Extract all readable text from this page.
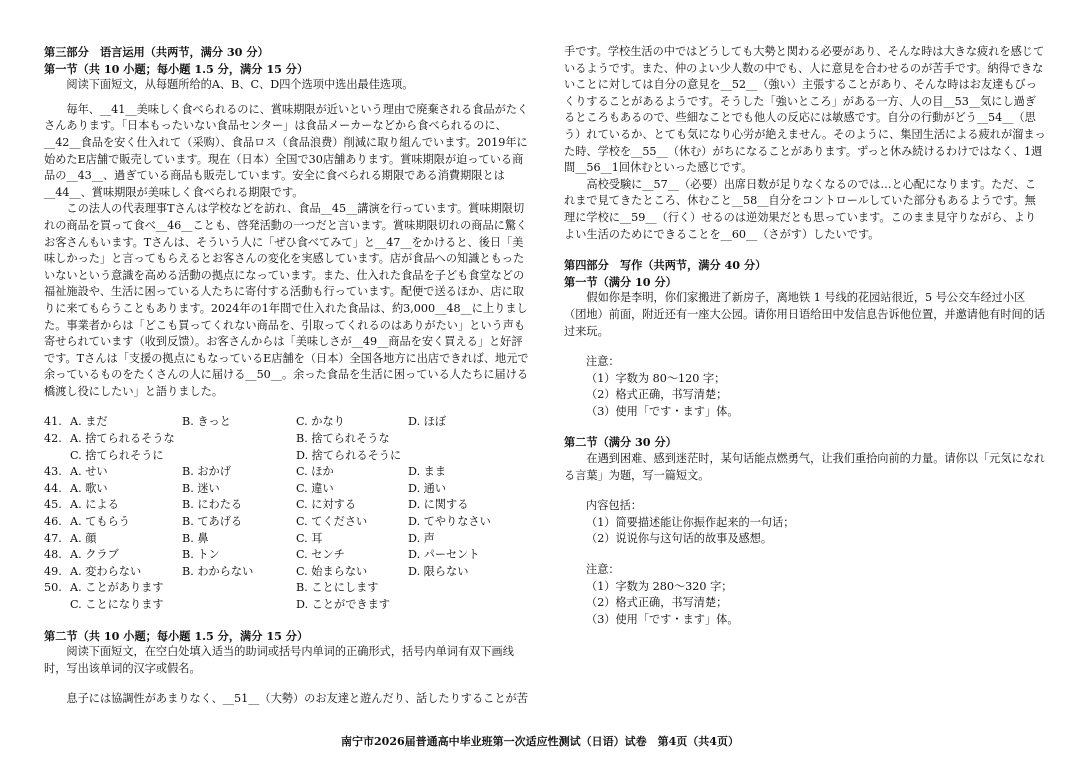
第三部分　语言运用（共两节，满分 30 分）
第一节（共 10 小题；每小题 1.5 分，满分 15 分）
阅读下面短文，从每题所给的A、B、C、D四个选项中选出最佳选项。
毎年、__41__美味しく食べられるのに、賞味期限が近いという理由で廃棄される食品がたくさんあります。「日本もったいない食品センター」は食品メーカーなどから食べられるのに、__42__食品を安く仕入れて（采购）、食品ロス（食品浪费）削減に取り組んでいます。2019年に始めたE店舗で販売しています。現在（日本）全国で30店舗あります。賞味期限が迫っている商品の__43__、過ぎている商品も販売しています。安全に食べられる期限である消費期限とは__44__、賞味期限が美味しく食べられる期限です。
この法人の代表理事Tさんは学校などを訪れ、食品__45__講演を行っています。賞味期限切れの商品を買って食べ__46__ことも、啓発活動の一つだと言います。賞味期限切れの商品に驚くお客さんもいます。Tさんは、そういう人に「ぜひ食べてみて」と__47__をかけると、後日「美味しかった」と言ってもらえるとお客さんの変化を実感しています。店が食品への知識ともったいないという意識を高める活動の拠点になっています。また、仕入れた食品を子ども食堂などの福祉施設や、生活に困っている人たちに寄付する活動も行っています。配便で送るほか、店に取りに来てもらうこともあります。2024年の1年間で仕入れた食品は、約3,000__48__に上りました。事業者からは「どこも買ってくれない商品を、引取ってくれるのはありがたい」という声も寄せられています（收到反馈）。お客さんからは「美味しさが__49__商品を安く買える」と好評です。Tさんは「支援の拠点にもなっているE店舗を（日本）全国各地方に出店できれば、地元で余っているものをたくさんの人に届ける__50__。余った食品を生活に困っている人たちに届ける橋渡し役にしたい」と語りました。
41. A. まだ	B. きっと	C. かなり	D. ほぼ
42. A. 捨てられるそうな	B. 捨てられそうな
C. 捨てられそうに	D. 捨てられるそうに
43. A. せい	B. おかげ	C. ほか	D. まま
44. A. 歌い	B. 迷い	C. 違い	D. 通い
45. A. による	B. にわたる	C. に対する	D. に関する
46. A. てもらう	B. てあげる	C. てください	D. てやりなさい
47. A. 顔	B. 鼻	C. 耳	D. 声
48. A. クラブ	B. トン	C. センチ	D. パーセント
49. A. 変わらない	B. わからない	C. 始まらない	D. 限らない
50. A. ことがあります	B. ことにします
C. ことになります	D. ことができます
第二节（共 10 小题；每小题 1.5 分，满分 15 分）
阅读下面短文，在空白处填入适当的助词或括号内单词的正确形式，括号内单词有双下画线时，写出该单词的汉字或假名。
息子には協調性があまりなく、__51__（大勢）のお友達と遊んだり、話したりすることが苦
手です。学校生活の中ではどうしても大勢と関わる必要があり、そんな時は大きな疲れを感じているようです。また、仲のよい少人数の中でも、人に意見を合わせるのが苦手です。納得できないことに対しては自分の意見を__52__（強い）主張することがあり、そんな時はお友達もびっくりすることがあるようです。そうした「強いところ」がある一方、人の目__53__気にし過ぎるところもあるので、些細なことでも他人の反応には敏感です。自分の行動がどう__54__（思う）れているか、とても気になり心労が絶えません。そのように、集団生活による疲れが溜まった時、学校を__55__（休む）がちになることがあります。ずっと休み続けるわけではなく、1週間__56__1回休むといった感じです。
高校受験に__57__（必要）出席日数が足りなくなるのでは…と心配になります。ただ、これまで見てきたところ、休むこと__58__自分をコントロールしていた部分もあるようです。無理に学校に__59__（行く）せるのは逆効果だとも思っています。このまま見守りながら、よりよい生活のためにできることを__60__（さがす）したいです。
第四部分　写作（共两节，满分 40 分）
第一节（满分 10 分）
假如你是李明，你们家搬进了新房子，离地铁 1 号线的花园站很近，5 号公交车经过小区（团地）前面，附近还有一座大公园。请你用日语给田中发信息告诉他位置，并邀请他有时间的话过来玩。
注意：
（1）字数为 80～120 字；
（2）格式正确，书写清楚；
（3）使用「です・ます」体。
第二节（满分 30 分）
在遇到困难、感到迷茫时，某句话能点燃勇气，让我们重拾向前的力量。请你以「元気になれる言葉」为题，写一篇短文。
内容包括：
（1）简要描述能让你振作起来的一句话；
（2）说说你与这句话的故事及感想。
注意：
（1）字数为 280～320 字；
（2）格式正确，书写清楚；
（3）使用「です・ます」体。
南宁市2026届普通高中毕业班第一次适应性测试（日语）试卷　第4页（共4页）
